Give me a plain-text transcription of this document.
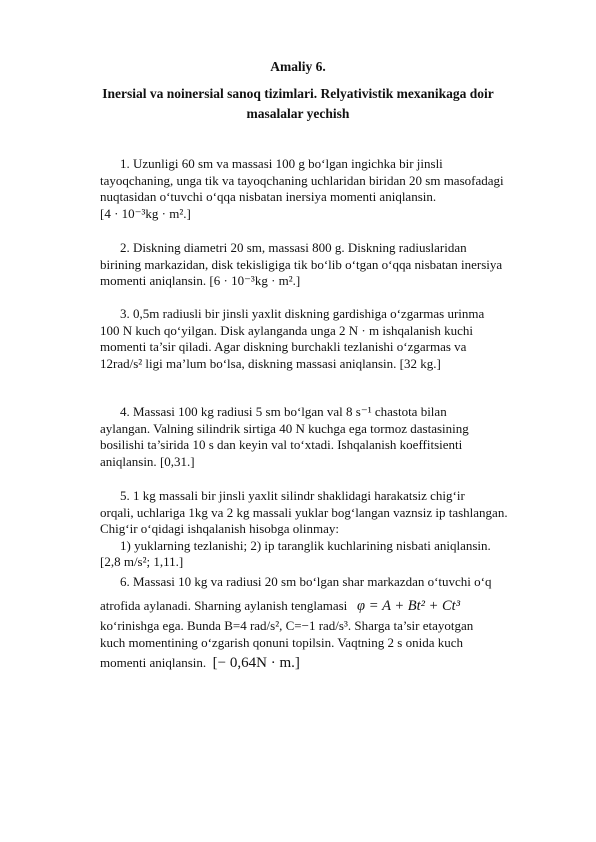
Amaliy 6.
Inersial va noinersial sanoq tizimlari. Relyativistik mexanikaga doir
masalalar yechish

1. Uzunligi 60 sm va massasi 100 g bo‘lgan ingichka bir jinsli

tayoqchaning, unga tik va tayoqchaning uchlaridan biridan 20 sm masofadagi

nuqtasidan o‘tuvchi o‘qqa nisbatan inersiya momenti aniqlansin.

[4 · 10⁻³kg · m².]

2. Diskning diametri 20 sm, massasi 800 g. Diskning radiuslaridan

birining markazidan, disk tekisligiga tik bo‘lib o‘tgan o‘qqa nisbatan inersiya

momenti aniqlansin. [6 · 10⁻³kg · m².]

3. 0,5m radiusli bir jinsli yaxlit diskning gardishiga o‘zgarmas urinma

100 N kuch qo‘yilgan. Disk aylanganda unga 2 N · m ishqalanish kuchi

momenti ta’sir qiladi. Agar diskning burchakli tezlanishi o‘zgarmas va

12rad/s² ligi ma’lum bo‘lsa, diskning massasi aniqlansin. [32 kg.]

4. Massasi 100 kg radiusi 5 sm bo‘lgan val 8 s⁻¹ chastota bilan

aylangan. Valning silindrik sirtiga 40 N kuchga ega tormoz dastasining

bosilishi ta’sirida 10 s dan keyin val to‘xtadi. Ishqalanish koeffitsienti

aniqlansin. [0,31.]

5. 1 kg massali bir jinsli yaxlit silindr shaklidagi harakatsiz chig‘ir

orqali, uchlariga 1kg va 2 kg massali yuklar bog‘langan vaznsiz ip tashlangan.

Chig‘ir o‘qidagi ishqalanish hisobga olinmay:

1) yuklarning tezlanishi; 2) ip taranglik kuchlarining nisbati aniqlansin.

[2,8 m/s²; 1,11.]

6. Massasi 10 kg va radiusi 20 sm bo‘lgan shar markazdan o‘tuvchi o‘q

atrofida aylanadi. Sharning aylanish tenglamasi φ = A + Bt² + Ct³

ko‘rinishga ega. Bunda B=4 rad/s², C=−1 rad/s³. Sharga ta’sir etayotgan

kuch momentining o‘zgarish qonuni topilsin. Vaqtning 2 s onida kuch

momenti aniqlansin. [− 0,64N · m.]
